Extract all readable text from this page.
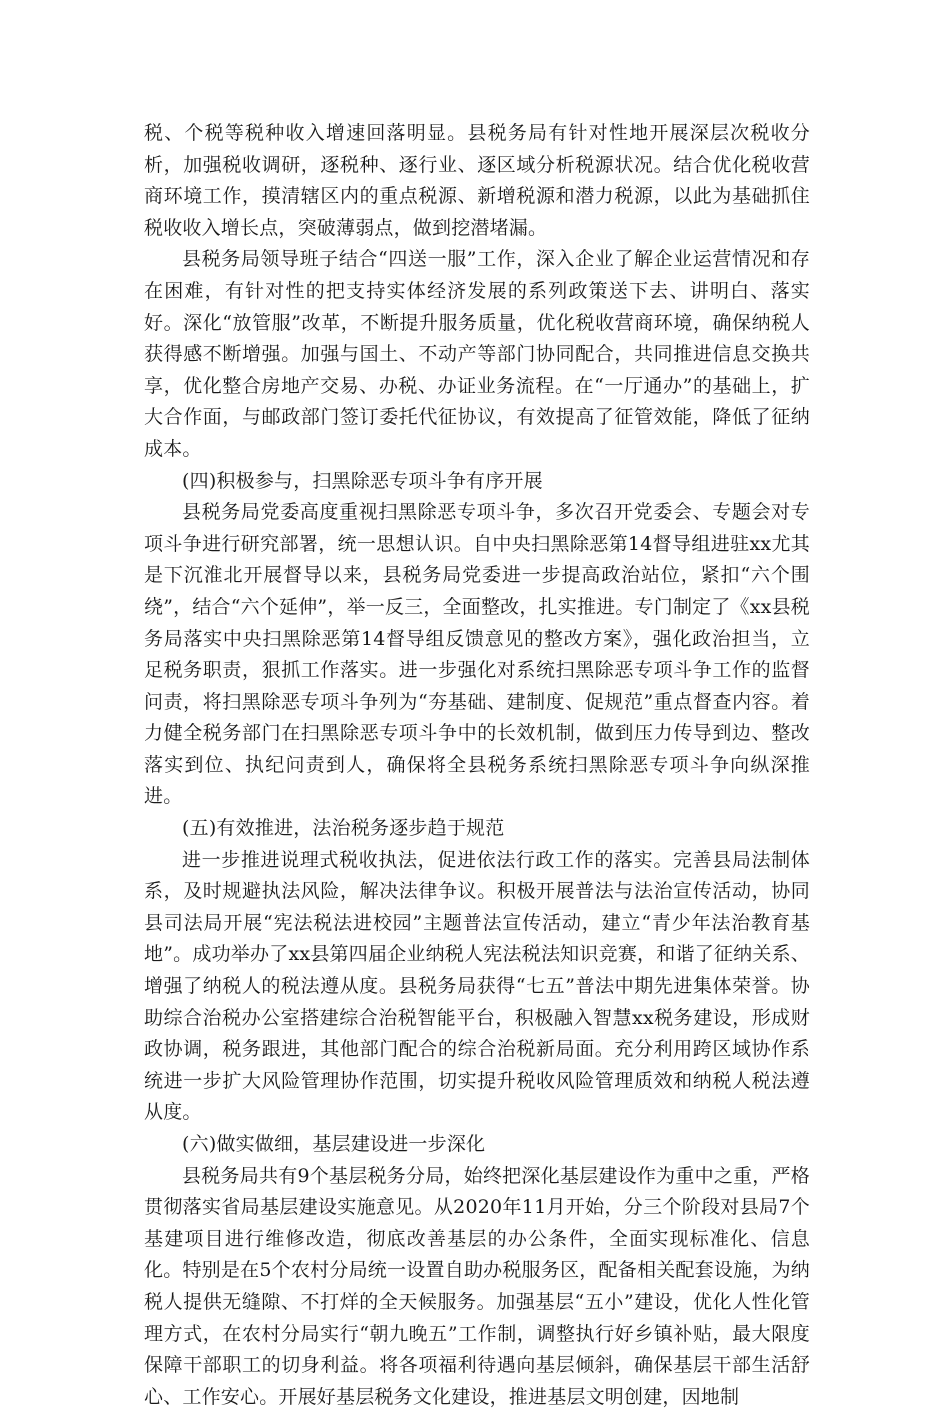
税、个税等税种收入增速回落明显。县税务局有针对性地开展深层次税收分析，加强税收调研，逐税种、逐行业、逐区域分析税源状况。结合优化税收营商环境工作，摸清辖区内的重点税源、新增税源和潜力税源，以此为基础抓住税收收入增长点，突破薄弱点，做到挖潜堵漏。

县税务局领导班子结合“四送一服”工作，深入企业了解企业运营情况和存在困难，有针对性的把支持实体经济发展的系列政策送下去、讲明白、落实好。深化“放管服”改革，不断提升服务质量，优化税收营商环境，确保纳税人获得感不断增强。加强与国土、不动产等部门协同配合，共同推进信息交换共享，优化整合房地产交易、办税、办证业务流程。在“一厅通办”的基础上，扩大合作面，与邮政部门签订委托代征协议，有效提高了征管效能，降低了征纳成本。

(四)积极参与，扫黑除恶专项斗争有序开展

县税务局党委高度重视扫黑除恶专项斗争，多次召开党委会、专题会对专项斗争进行研究部署，统一思想认识。自中央扫黑除恶第14督导组进驻xx尤其是下沉淮北开展督导以来，县税务局党委进一步提高政治站位，紧扣“六个围绕”，结合“六个延伸”，举一反三，全面整改，扎实推进。专门制定了《xx县税务局落实中央扫黑除恶第14督导组反馈意见的整改方案》，强化政治担当，立足税务职责，狠抓工作落实。进一步强化对系统扫黑除恶专项斗争工作的监督问责，将扫黑除恶专项斗争列为“夯基础、建制度、促规范”重点督查内容。着力健全税务部门在扫黑除恶专项斗争中的长效机制，做到压力传导到边、整改落实到位、执纪问责到人，确保将全县税务系统扫黑除恶专项斗争向纵深推进。

(五)有效推进，法治税务逐步趋于规范

进一步推进说理式税收执法，促进依法行政工作的落实。完善县局法制体系，及时规避执法风险，解决法律争议。积极开展普法与法治宣传活动，协同县司法局开展“宪法税法进校园”主题普法宣传活动，建立“青少年法治教育基地”。成功举办了xx县第四届企业纳税人宪法税法知识竞赛，和谐了征纳关系、增强了纳税人的税法遵从度。县税务局获得“七五”普法中期先进集体荣誉。协助综合治税办公室搭建综合治税智能平台，积极融入智慧xx税务建设，形成财政协调，税务跟进，其他部门配合的综合治税新局面。充分利用跨区域协作系统进一步扩大风险管理协作范围，切实提升税收风险管理质效和纳税人税法遵从度。

(六)做实做细，基层建设进一步深化

县税务局共有9个基层税务分局，始终把深化基层建设作为重中之重，严格贯彻落实省局基层建设实施意见。从2020年11月开始，分三个阶段对县局7个基建项目进行维修改造，彻底改善基层的办公条件，全面实现标准化、信息化。特别是在5个农村分局统一设置自助办税服务区，配备相关配套设施，为纳税人提供无缝隙、不打烊的全天候服务。加强基层“五小”建设，优化人性化管理方式，在农村分局实行“朝九晚五”工作制，调整执行好乡镇补贴，最大限度保障干部职工的切身利益。将各项福利待遇向基层倾斜，确保基层干部生活舒心、工作安心。开展好基层税务文化建设，推进基层文明创建，因地制
